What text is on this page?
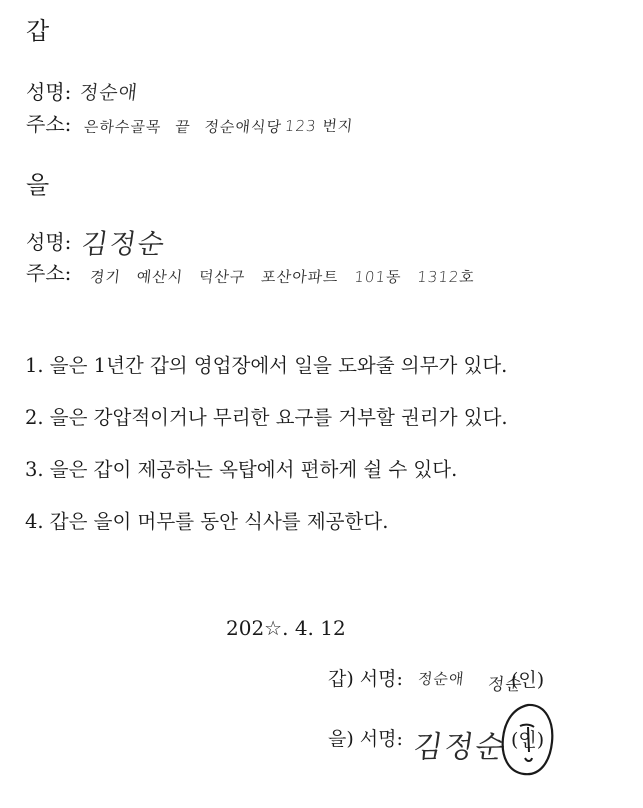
갑
성명: 정순애
주소: 은하수골목 끝 정순애식당 123 번지
을
성명: 김정순
주소: 경기 예산시 덕산구 포산아파트 101동 1312호
1. 을은 1년간 갑의 영업장에서 일을 도와줄 의무가 있다.
2. 을은 강압적이거나 무리한 요구를 거부할 권리가 있다.
3. 을은 갑이 제공하는 옥탑에서 편하게 쉴 수 있다.
4. 갑은 을이 머무를 동안 식사를 제공한다.
202☆. 4. 12
갑) 서명: 정순애 정순
(인)
을) 서명: 김정순 (인)
